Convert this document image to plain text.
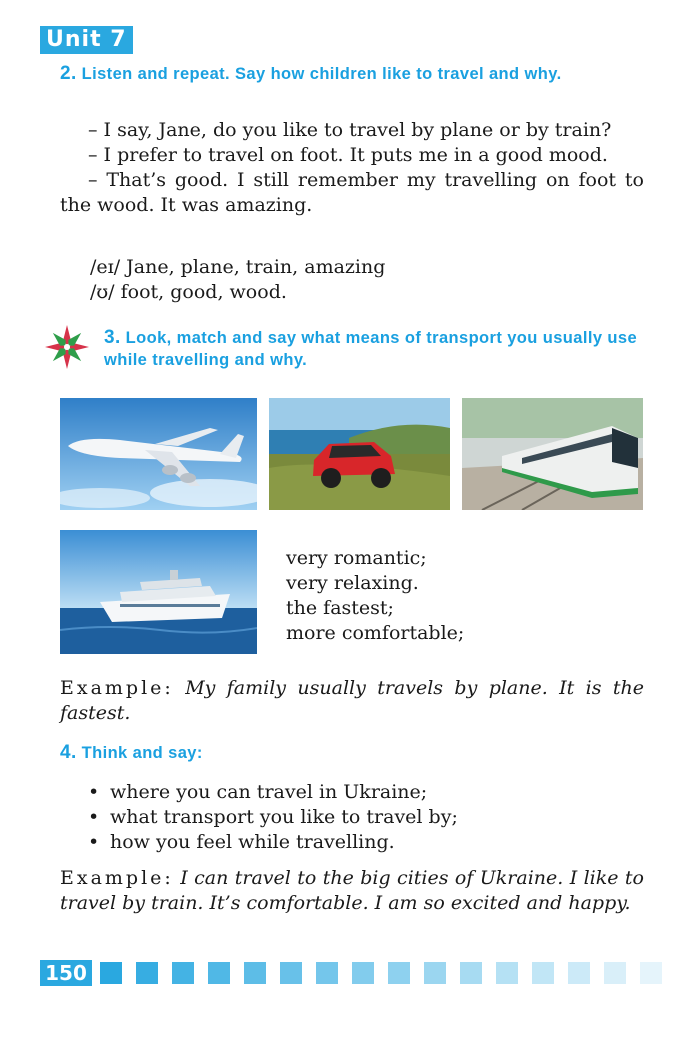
Unit 7
2. Listen and repeat. Say how children like to travel and why.

– I say, Jane, do you like to travel by plane or by train?

– I prefer to travel on foot. It puts me in a good mood.

– That’s good. I still remember my travelling on foot to the wood. It was amazing.

/eɪ/ Jane, plane, train, amazing
/ʊ/ foot, good, wood.
3. Look, match and say what means of transport you usually use while travelling and why.
very romantic;
very relaxing.
the fastest;
more comfortable;
Example: My family usually travels by plane. It is the fastest.
4. Think and say:
• where you can travel in Ukraine;
• what transport you like to travel by;
• how you feel while travelling.
Example: I can travel to the big cities of Ukraine. I like to travel by train. It’s comfortable. I am so excited and happy.
150
